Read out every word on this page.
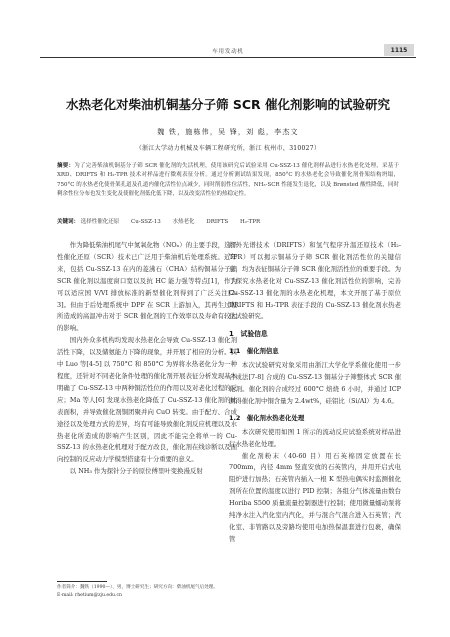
车用发动机	1115
水热老化对柴油机铜基分子筛 SCR 催化剂影响的试验研究
魏 铁，施栋伟，吴 锋，刘 彪，李杰文
（浙江大学动力机械及车辆工程研究所，浙江 杭州市，310027）
摘要：为了完善柴油机铜基分子筛 SCR 催化剂的失活机理，使用该研究后试验采用 Cu-SSZ-13 催化剂样品进行水热老化处理，采基于 XRD、DRIFTS 和 H₂-TPR 技术对样品进行微观表征分析。通过分析测试结果发现，850°C 的水热老化会导致催化剂骨架结构坍塌，750°C 的水热老化使骨架孔道及孔道内催化活性位点减少，同时削弱性位活性，NH₃-SCR 性能发生退化，以及 Brønsted 酸性降低，同时剩余性位分布也发生变化及使催化剂低化低下降，以及改变活性位的热稳定性。
关键词： 选择性催化还原 Cu-SSZ-13 水热老化 DRIFTS H₂-TPR

作为降低柴油机尾气中氮氧化物（NOₓ）的主要手段，选择性催化还原（SCR）技术已广泛用于柴油机后处理系统。近年来，包括 Cu-SSZ-13 在内的菱沸石（CHA）结构铜基分子筛 SCR 催化剂以温度窗口宽以及抗 HC 能力强等特点[1]，作为可以适应国 V/VI 排放标准的新型催化剂得到了广泛关注[2-3]。但由于后处理系统中 DPF 在 SCR 上游加入，其再生过程所造成的高温冲击对于 SCR 催化剂的工作效率以及寿命有较大的影响。

国内外众多机构均发现水热老化会导致 Cu-SSZ-13 催化剂活性下降，以及储氨能力下降的现象，并开展了相应的分析。其中 Luo 等[4-5] 以 750°C 和 850°C 为界将水热老化分为一种程度，还针对不同老化条件处理的催化剂开展表征分析发现基本明确了 Cu-SSZ-13 中两种铜活性位的作用以及对老化过程的反应；Ma 等人[6] 发现水热老化降低了 Cu-SSZ-13 催化剂的比表面积，并导致催化剂铜团聚并向 CuO 转变。由于配方、合成途径以及处理方式的差异，均有可能导致催化剂反应机理以及水热老化所造成的影响产生区别，因此不能完全将单一的 Cu-SSZ-13 的水热老化机理对于配方改良，催化剂在线诊断以及面向控制的反应动力学模型搭建有十分重要的意义。

以 NH₃ 作为探针分子的原位傅里叶变换漫反射

红外光谱技术（DRIFTS）和氢气程序升温还原技术（H₂-TPR）可以揭示铜基分子筛 SCR 催化剂活性位的关键信息，均为表征铜基分子筛 SCR 催化剂活性位的重要手段。为了探究水热老化对 Cu-SSZ-13 催化剂活性位的影响，完善 Cu-SSZ-13 催化剂的水热老化机理，本文开展了基于原位 DRIFTS 和 H₂-TPR 表征手段的 Cu-SSZ-13 催化剂水热老化试验研究。

1　试验信息
1.1　催化剂信息

本次试验研究对象采用由浙江大学化学系催化使用一步合成法[7-8] 合成的 Cu-SSZ-13 铜基分子筛整体式 SCR 催化剂。催化剂的合成经过 600°C 焙烧 6 小时，并通过 ICP 测得催化剂中铜含量为 2.4wt%，硅铝比（Si/Al）为 4.6。

1.2　催化剂水热老化处理

本次研究使用如图 1 所示的流动反应试验系统对样品进行水热老化处理。

催化剂粉末（40-60 目）用石英棉固定放置在长 700mm，内径 4mm 竖直安放的石英管内，并用开启式电阻炉进行加热；石英管内插入一根 K 型热电偶实时监测催化剂所在位置的温度以进行 PID 控制；各组分气体流量由数台 Horiba S500 质量流量控制器进行控制；使用微量蠕动泵将纯净水注入汽化室内汽化，并与混合气混合进入石英管；汽化室、非管路以及旁路均使用电加热保温套进行包裹，确保管

作者简介：魏铁（1990—），男，博士研究生；研究方向：柴油机尾气后处理。
E-mail: rhetium@zju.edu.cn
